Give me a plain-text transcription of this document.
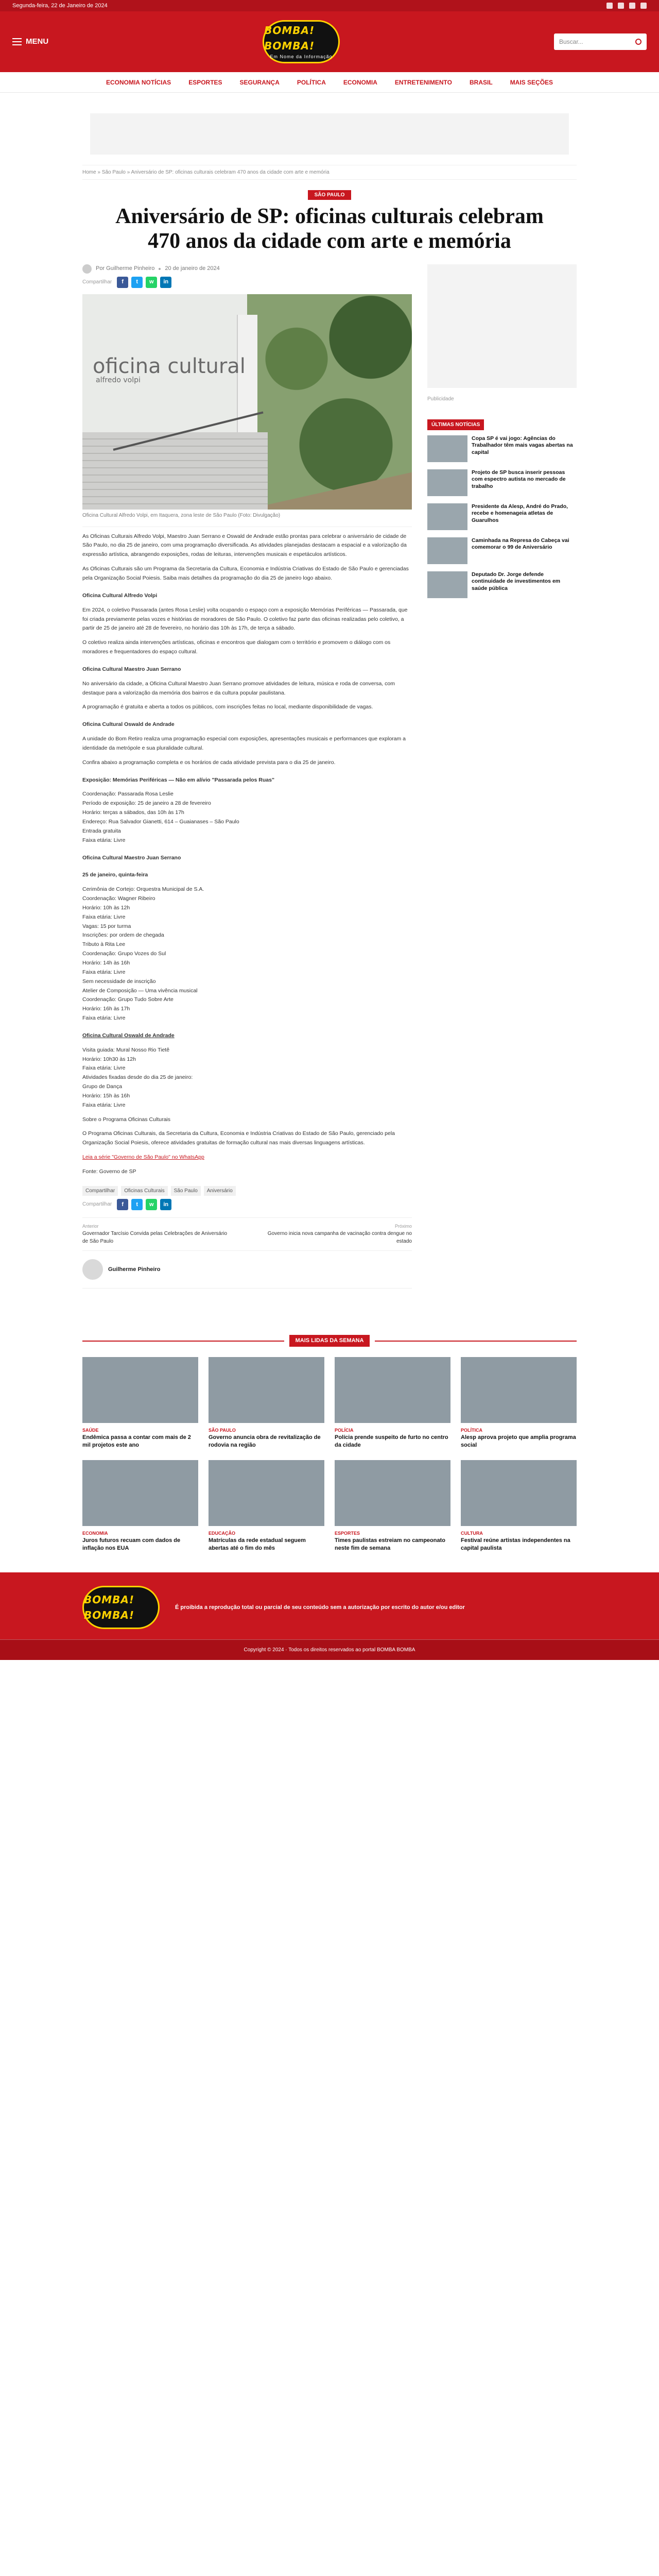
Segunda-feira, 22 de Janeiro de 2024
MENU
BOMBA! BOMBA!
Em Nome da Informação
Buscar...
ECONOMIA NOTÍCIAS	ESPORTES	SEGURANÇA	POLÍTICA	ECONOMIA	ENTRETENIMENTO	BRASIL	MAIS SEÇÕES
Home » São Paulo » Aniversário de SP: oficinas culturais celebram 470 anos da cidade com arte e memória
SÃO PAULO
Aniversário de SP: oficinas culturais celebram 470 anos da cidade com arte e memória
Por Guilherme Pinheiro 20 de janeiro de 2024
Compartilhar	f	t	w	in
oficina cultural
alfredo volpi
Oficina Cultural Alfredo Volpi, em Itaquera, zona leste de São Paulo (Foto: Divulgação)

As Oficinas Culturais Alfredo Volpi, Maestro Juan Serrano e Oswald de Andrade estão prontas para celebrar o aniversário de cidade de São Paulo, no dia 25 de janeiro, com uma programação diversificada. As atividades planejadas destacam a espacial e a valorização da expressão artística, abrangendo exposições, rodas de leituras, intervenções musicais e espetáculos artísticos.

As Oficinas Culturais são um Programa da Secretaria da Cultura, Economia e Indústria Criativas do Estado de São Paulo e gerenciadas pela Organização Social Poiesis. Saiba mais detalhes da programação do dia 25 de janeiro logo abaixo.

Oficina Cultural Alfredo Volpi

Em 2024, o coletivo Passarada (antes Rosa Leslie) volta ocupando o espaço com a exposição Memórias Periféricas — Passarada, que foi criada previamente pelas vozes e histórias de moradores de São Paulo. O coletivo faz parte das oficinas realizadas pelo coletivo, a partir de 25 de janeiro até 28 de fevereiro, no horário das 10h às 17h, de terça a sábado.

O coletivo realiza ainda intervenções artísticas, oficinas e encontros que dialogam com o território e promovem o diálogo com os moradores e frequentadores do espaço cultural.

Oficina Cultural Maestro Juan Serrano

No aniversário da cidade, a Oficina Cultural Maestro Juan Serrano promove atividades de leitura, música e roda de conversa, com destaque para a valorização da memória dos bairros e da cultura popular paulistana.

A programação é gratuita e aberta a todos os públicos, com inscrições feitas no local, mediante disponibilidade de vagas.

Oficina Cultural Oswald de Andrade

A unidade do Bom Retiro realiza uma programação especial com exposições, apresentações musicais e performances que exploram a identidade da metrópole e sua pluralidade cultural.

Confira abaixo a programação completa e os horários de cada atividade prevista para o dia 25 de janeiro.

Exposição: Memórias Periféricas — Não em alívio "Passarada pelos Ruas"

Coordenação: Passarada Rosa Leslie
Período de exposição: 25 de janeiro a 28 de fevereiro
Horário: terças a sábados, das 10h às 17h
Endereço: Rua Salvador Gianetti, 614 – Guaianases – São Paulo
Entrada gratuita
Faixa etária: Livre

Oficina Cultural Maestro Juan Serrano

25 de janeiro, quinta-feira

Cerimônia de Cortejo: Orquestra Municipal de S.A.
Coordenação: Wagner Ribeiro
Horário: 10h às 12h
Faixa etária: Livre
Vagas: 15 por turma
Inscrições: por ordem de chegada
Tributo à Rita Lee
Coordenação: Grupo Vozes do Sul
Horário: 14h às 16h
Faixa etária: Livre
Sem necessidade de inscrição
Atelier de Composição — Uma vivência musical
Coordenação: Grupo Tudo Sobre Arte
Horário: 16h às 17h
Faixa etária: Livre

Oficina Cultural Oswald de Andrade

Visita guiada: Mural Nosso Rio Tietê
Horário: 10h30 às 12h
Faixa etária: Livre
Atividades fixadas desde do dia 25 de janeiro:
Grupo de Dança
Horário: 15h às 16h
Faixa etária: Livre

Sobre o Programa Oficinas Culturais

O Programa Oficinas Culturais, da Secretaria da Cultura, Economia e Indústria Criativas do Estado de São Paulo, gerenciado pela Organização Social Poiesis, oferece atividades gratuitas de formação cultural nas mais diversas linguagens artísticas.

Leia a série "Governo de São Paulo" no WhatsApp

Fonte: Governo de SP

Compartilhar	Oficinas Culturais	São Paulo	Aniversário
Compartilhar	f	t	w	in
Anterior
Governador Tarcísio Convida pelas Celebrações de Aniversário de São Paulo
Próximo
Governo inicia nova campanha de vacinação contra dengue no estado
Guilherme Pinheiro
Publicidade
ÚLTIMAS NOTÍCIAS
Copa SP é vai jogo: Agências do Trabalhador têm mais vagas abertas na capital
Projeto de SP busca inserir pessoas com espectro autista no mercado de trabalho
Presidente da Alesp, André do Prado, recebe e homenageia atletas de Guarulhos
Caminhada na Represa do Cabeça vai comemorar o 99 de Aniversário
Deputado Dr. Jorge defende continuidade de investimentos em saúde pública
MAIS LIDAS DA SEMANA
SAÚDE
Endêmica passa a contar com mais de 2 mil projetos este ano
SÃO PAULO
Governo anuncia obra de revitalização de rodovia na região
POLÍCIA
Polícia prende suspeito de furto no centro da cidade
POLÍTICA
Alesp aprova projeto que amplia programa social
ECONOMIA
Juros futuros recuam com dados de inflação nos EUA
EDUCAÇÃO
Matrículas da rede estadual seguem abertas até o fim do mês
ESPORTES
Times paulistas estreiam no campeonato neste fim de semana
CULTURA
Festival reúne artistas independentes na capital paulista
BOMBA! BOMBA!
É proibida a reprodução total ou parcial de seu conteúdo sem a autorização por escrito do autor e/ou editor
Copyright © 2024 · Todos os direitos reservados ao portal BOMBA BOMBA
